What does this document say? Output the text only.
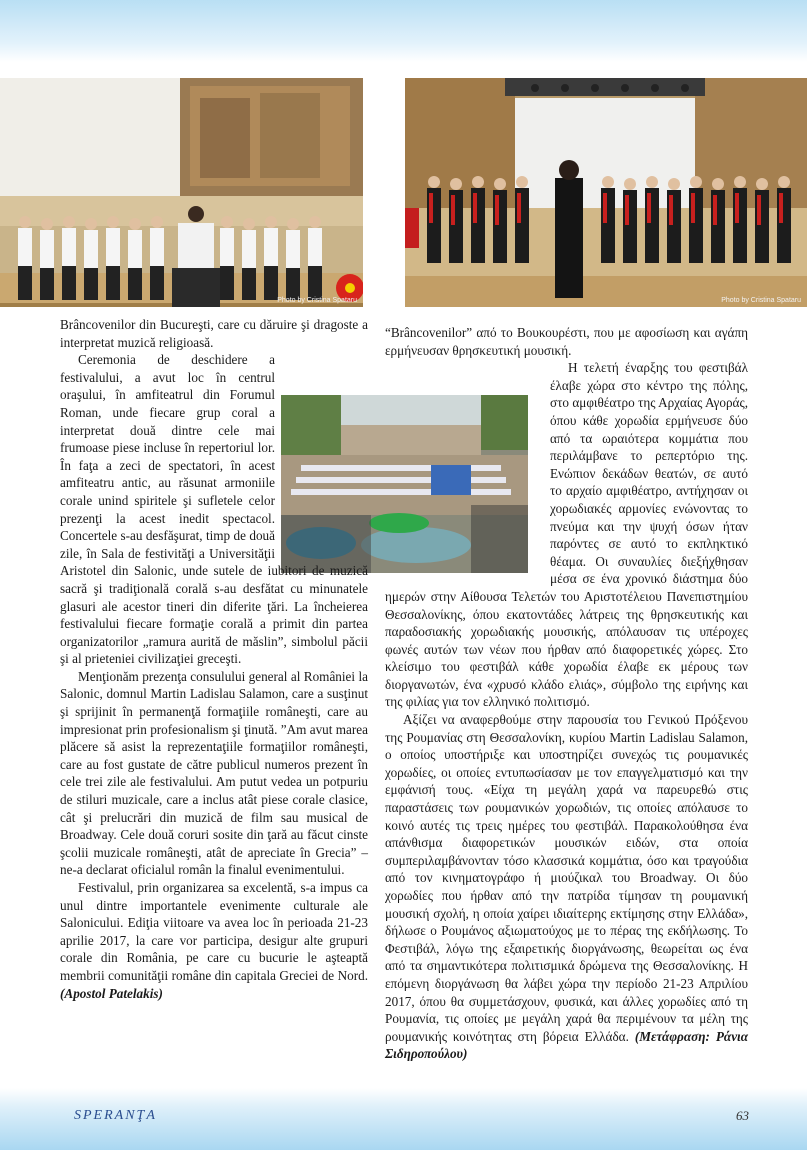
Photo by Cristina Spataru	Photo by Cristina Spataru

Brâncovenilor din Bucureşti, care cu dăruire şi dragoste a interpretat muzică religioasă.

Ceremonia de deschidere a festivalului, a avut loc în centrul oraşului, în amfiteatrul din Forumul Roman, unde fiecare grup coral a interpretat două dintre cele mai frumoase piese incluse în repertoriul lor. În faţa a zeci de spectatori, în acest amfiteatru antic, au răsunat armoniile corale unind spiritele şi sufletele celor prezenţi la acest inedit spectacol. Concertele s-au desfăşurat, timp de două zile, în Sala de festivităţi a Universităţii Aristotel din Salonic, unde sutele de iubitori de muzică sacră şi tradiţională corală s-au desfătat cu minunatele glasuri ale acestor tineri din diferite ţări. La încheierea festivalului fiecare formaţie corală a primit din partea organizatorilor „ramura aurită de măslin”, simbolul păcii şi al prieteniei civilizaţiei greceşti.

Menţionăm prezenţa consulului general al României la Salonic, domnul Martin Ladislau Salamon, care a susţinut şi sprijinit în permanenţă formaţiile româneşti, care au impresionat prin profesionalism şi ţinută. ”Am avut marea plăcere să asist la reprezentaţiile formaţiilor româneşti, care au fost gustate de către publicul numeros prezent în cele trei zile ale festivalului. Am putut vedea un potpuriu de stiluri muzicale, care a inclus atât piese corale clasice, cât şi prelucrări din muzică de film sau musical de Broadway. Cele două coruri sosite din ţară au făcut cinste şcolii muzicale româneşti, atât de apreciate în Grecia” – ne-a declarat oficialul român la finalul evenimentului.

Festivalul, prin organizarea sa excelentă, s-a impus ca unul dintre importantele evenimente culturale ale Salonicului. Ediţia viitoare va avea loc în perioada 21-23 aprilie 2017, la care vor participa, desigur alte grupuri corale din România, pe care cu bucurie le aşteaptă membrii comunităţii române din capitala Greciei de Nord. (Apostol Patelakis)

“Brâncovenilor” από το Βουκουρέστι, που με αφοσίωση και αγάπη ερμήνευσαν θρησκευτική μουσική.

Η τελετή έναρξης του φεστιβάλ έλαβε χώρα στο κέντρο της πόλης, στο αμφιθέατρο της Αρχαίας Αγοράς, όπου κάθε χορωδία ερμήνευσε δύο από τα ωραιότερα κομμάτια που περιλάμβανε το ρεπερτόριο της. Ενώπιον δεκάδων θεατών, σε αυτό το αρχαίο αμφιθέατρο, αντήχησαν οι χορωδιακές αρμονίες ενώνοντας το πνεύμα και την ψυχή όσων ήταν παρόντες σε αυτό το εκπληκτικό θέαμα. Οι συναυλίες διεξήχθησαν μέσα σε ένα χρονικό διάστημα δύο ημερών στην Αίθουσα Τελετών του Αριστοτέλειου Πανεπιστημίου Θεσσαλονίκης, όπου εκατοντάδες λάτρεις της θρησκευτικής και παραδοσιακής χορωδιακής μουσικής, απόλαυσαν τις υπέροχες φωνές αυτών των νέων που ήρθαν από διαφορετικές χώρες. Στο κλείσιμο του φεστιβάλ κάθε χορωδία έλαβε εκ μέρους των διοργανωτών, ένα «χρυσό κλάδο ελιάς», σύμβολο της ειρήνης και της φιλίας για τον ελληνικό πολιτισμό.

Αξίζει να αναφερθούμε στην παρουσία του Γενικού Πρόξενου της Ρουμανίας στη Θεσσαλονίκη, κυρίου Martin Ladislau Salamon, ο οποίος υποστήριξε και υποστηρίζει συνεχώς τις ρουμανικές χορωδίες, οι οποίες εντυπωσίασαν με τον επαγγελματισμό και την εμφάνισή τους. «Είχα τη μεγάλη χαρά να παρευρεθώ στις παραστάσεις των ρουμανικών χορωδιών, τις οποίες απόλαυσε το κοινό αυτές τις τρεις ημέρες του φεστιβάλ. Παρακολούθησα ένα απάνθισμα διαφορετικών μουσικών ειδών, στα οποία συμπεριλαμβάνονταν τόσο κλασσικά κομμάτια, όσο και τραγούδια από τον κινηματογράφο ή μιούζικαλ του Broadway. Οι δύο χορωδίες που ήρθαν από την πατρίδα τίμησαν τη ρουμανική μουσική σχολή, η οποία χαίρει ιδιαίτερης εκτίμησης στην Ελλάδα», δήλωσε ο Ρουμάνος αξιωματούχος με το πέρας της εκδήλωσης. Το Φεστιβάλ, λόγω της εξαιρετικής διοργάνωσης, θεωρείται ως ένα από τα σημαντικότερα πολιτισμικά δρώμενα της Θεσσαλονίκης. Η επόμενη διοργάνωση θα λάβει χώρα την περίοδο 21-23 Απριλίου 2017, όπου θα συμμετάσχουν, φυσικά, και άλλες χορωδίες από τη Ρουμανία, τις οποίες με μεγάλη χαρά θα περιμένουν τα μέλη της ρουμανικής κοινότητας στη βόρεια Ελλάδα. (Μετάφραση: Ράνια Σιδηροπούλου)

SPERANŢA	63
